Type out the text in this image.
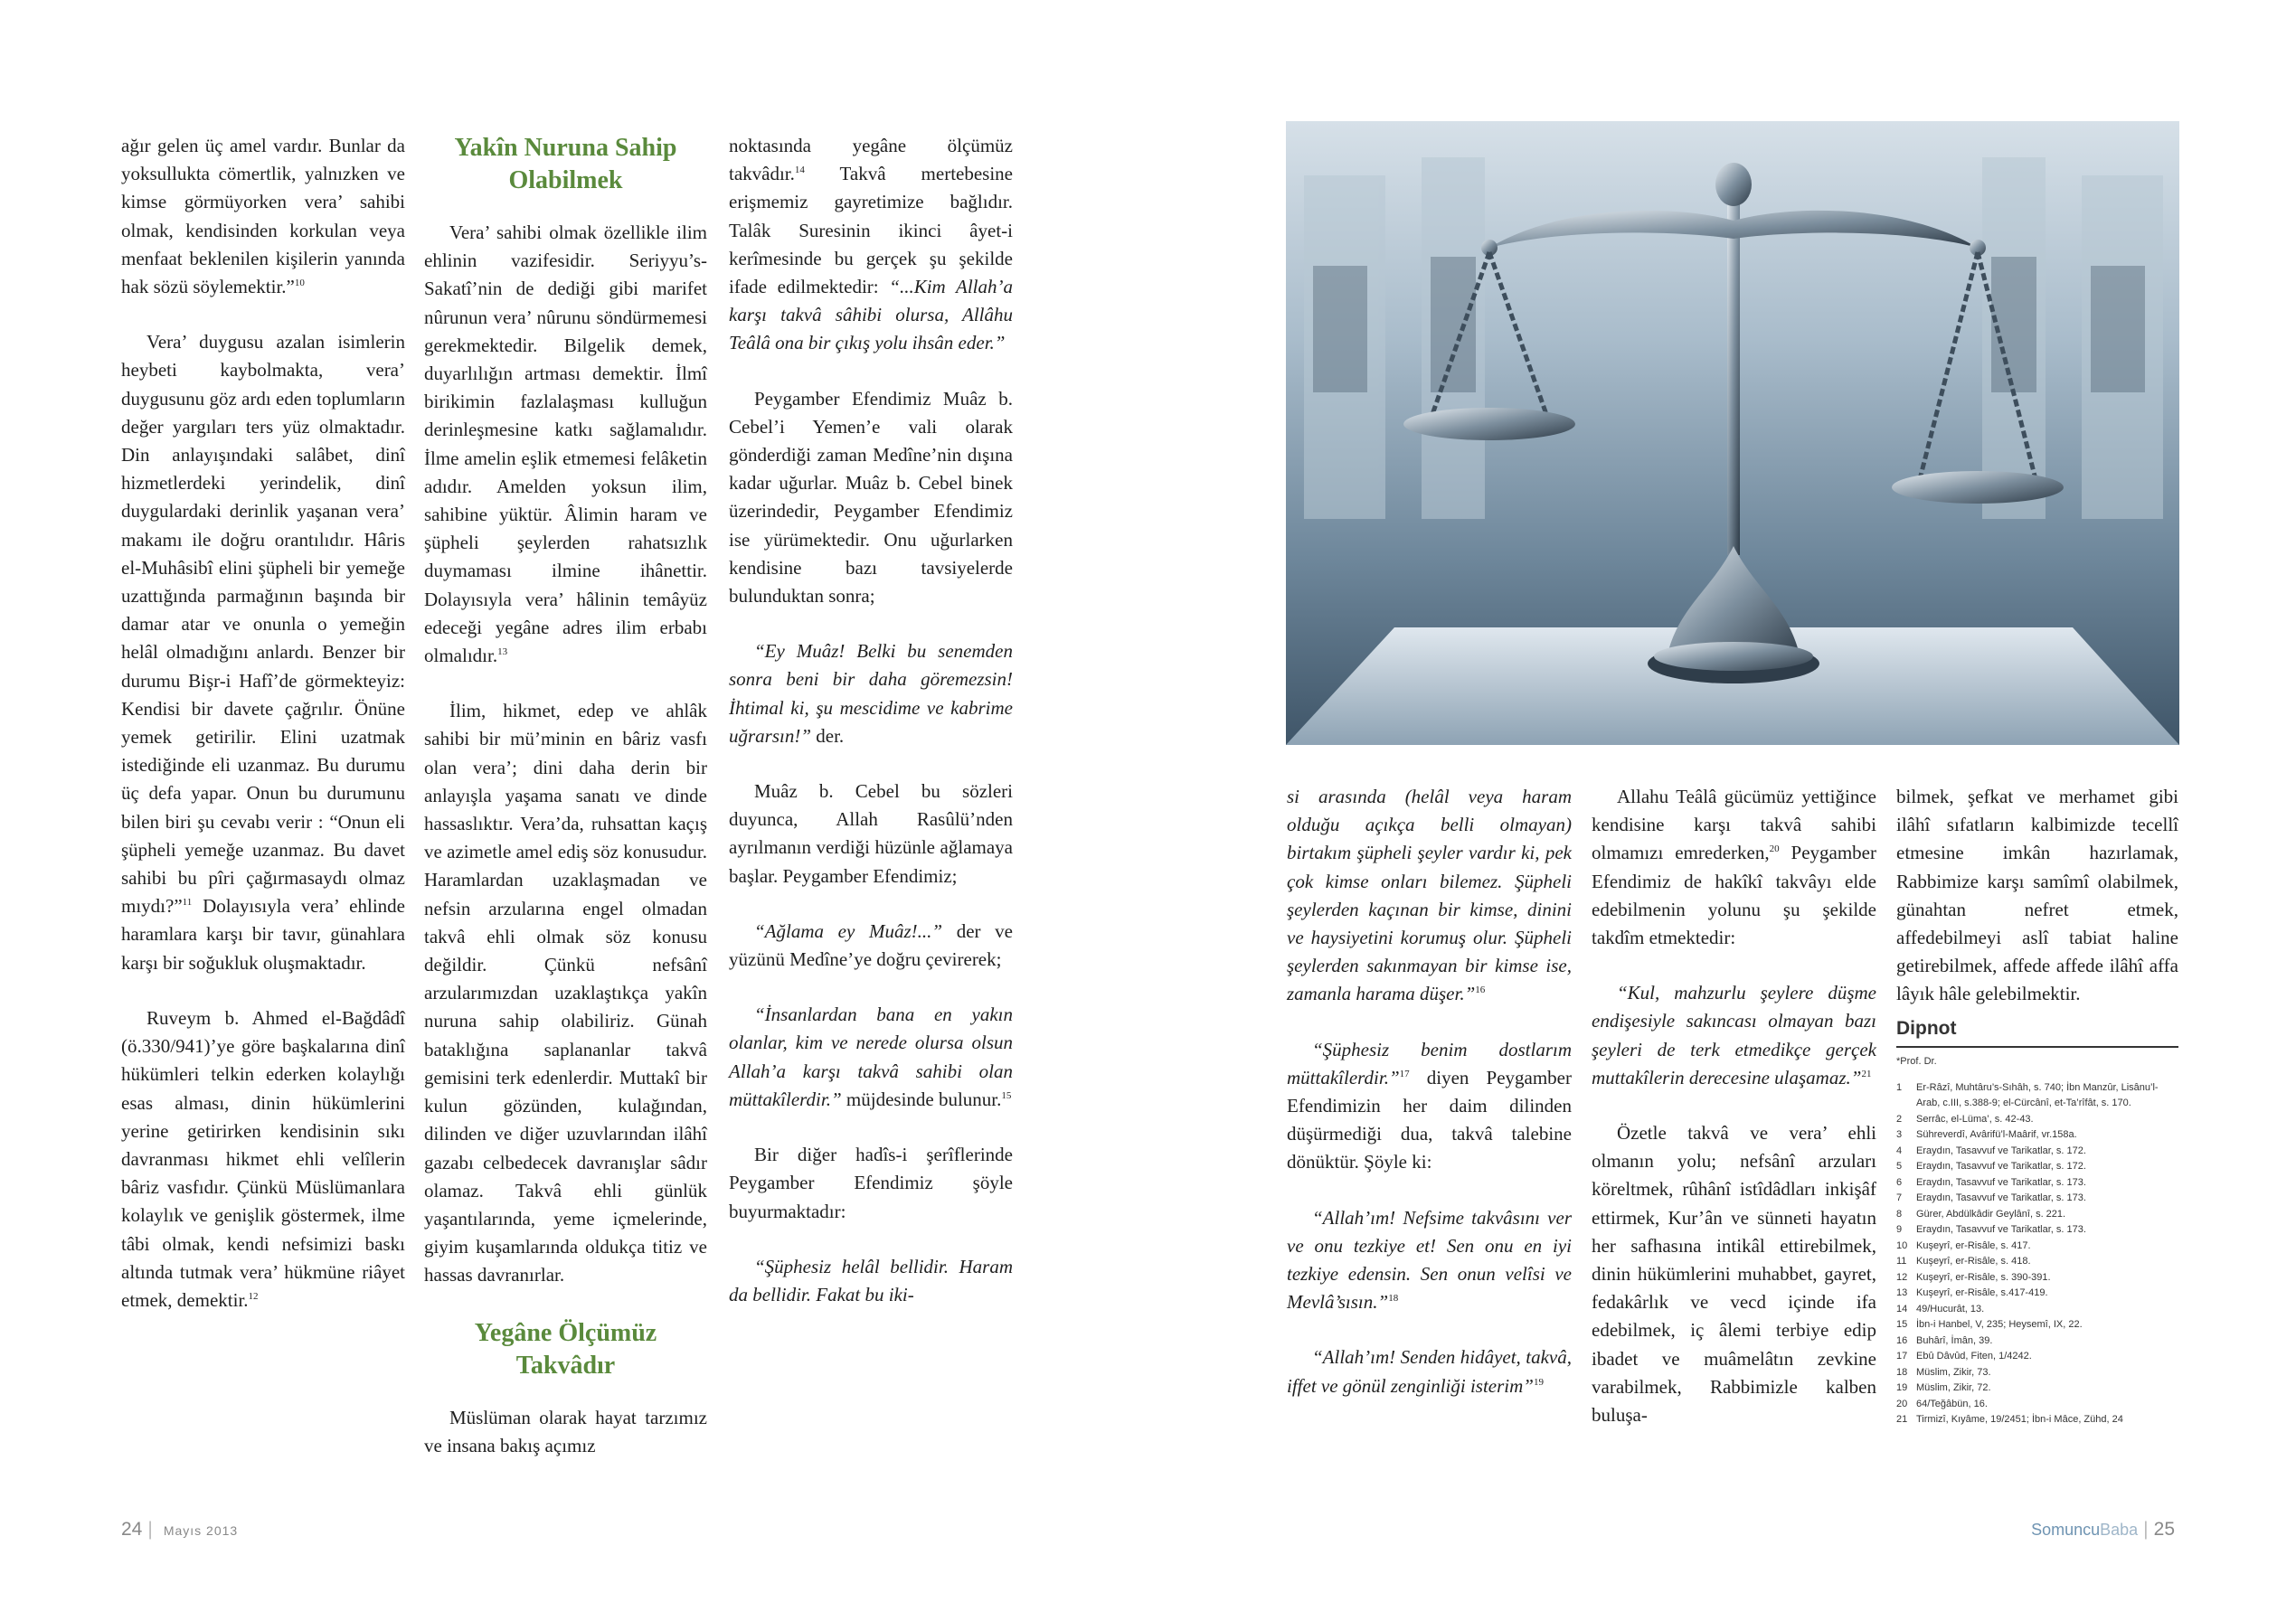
ağır gelen üç amel vardır. Bunlar da yoksullukta cömertlik, yalnızken ve kimse görmüyorken vera’ sahibi olmak, kendisinden korkulan veya menfaat beklenilen kişilerin yanında hak sözü söylemektir.”$^{10}$

Vera’ duygusu azalan isimlerin heybeti kaybolmakta, vera’ duygusunu göz ardı eden toplumların değer yargıları ters yüz olmaktadır. Din anlayışındaki salâbet, dinî hizmetlerdeki yerindelik, dinî duygulardaki derinlik yaşanan vera’ makamı ile doğru orantılıdır. Hâris el-Muhâsibî elini şüpheli bir yemeğe uzattığında parmağının başında bir damar atar ve onunla o yemeğin helâl olmadığını anlardı. Benzer bir durumu Bişr-i Hafî’de görmekteyiz: Kendisi bir davete çağrılır. Önüne yemek getirilir. Elini uzatmak istediğinde eli uzanmaz. Bu durumu üç defa yapar. Onun bu durumunu bilen biri şu cevabı verir : “Onun eli şüpheli yemeğe uzanmaz. Bu davet sahibi bu pîri çağırmasaydı olmaz mıydı?”$^{11}$ Dolayısıyla vera’ ehlinde haramlara karşı bir tavır, günahlara karşı bir soğukluk oluşmaktadır.

Ruveym b. Ahmed el-Bağdâdî (ö.330/941)’ye göre başkalarına dinî hükümleri telkin ederken kolaylığı esas alması, dinin hükümlerini yerine getirirken kendisinin sıkı davranması hikmet ehli velîlerin bâriz vasfıdır. Çünkü Müslümanlara kolaylık ve genişlik göstermek, ilme tâbi olmak, kendi nefsimizi baskı altında tutmak vera’ hükmüne riâyet etmek, demektir.$^{12}$

Yakîn Nuruna Sahip Olabilmek

Vera’ sahibi olmak özellikle ilim ehlinin vazifesidir. Seriyyu’s-Sakatî’nin de dediği gibi marifet nûrunun vera’ nûrunu söndürmemesi gerekmektedir. Bilgelik demek, duyarlılığın artması demektir. İlmî birikimin fazlalaşması kulluğun derinleşmesine katkı sağlamalıdır. İlme amelin eşlik etmemesi felâketin adıdır. Amelden yoksun ilim, sahibine yüktür. Âlimin haram ve şüpheli şeylerden rahatsızlık duymaması ilmine ihânettir. Dolayısıyla vera’ hâlinin temâyüz edeceği yegâne adres ilim erbabı olmalıdır.$^{13}$

İlim, hikmet, edep ve ahlâk sahibi bir mü’minin en bâriz vasfı olan vera’; dini daha derin bir anlayışla yaşama sanatı ve dinde hassaslıktır. Vera’da, ruhsattan kaçış ve azimetle amel ediş söz konusudur. Haramlardan uzaklaşmadan ve nefsin arzularına engel olmadan takvâ ehli olmak söz konusu değildir. Çünkü nefsânî arzularımızdan uzaklaştıkça yakîn nuruna sahip olabiliriz. Günah bataklığına saplananlar takvâ gemisini terk edenlerdir. Muttakî bir kulun gözünden, kulağından, dilinden ve diğer uzuvlarından ilâhî gazabı celbedecek davranışlar sâdır olamaz. Takvâ ehli günlük yaşantılarında, yeme içmelerinde, giyim kuşamlarında oldukça titiz ve hassas davranırlar.

Yegâne Ölçümüz Takvâdır

Müslüman olarak hayat tarzımız ve insana bakış açımız

noktasında yegâne ölçümüz takvâdır.$^{14}$ Takvâ mertebesine erişmemiz gayretimize bağlıdır. Talâk Suresinin ikinci âyet-i kerîmesinde bu gerçek şu şekilde ifade edilmektedir: “...Kim Allah’a karşı takvâ sâhibi olursa, Allâhu Teâlâ ona bir çıkış yolu ihsân eder.”

Peygamber Efendimiz Muâz b. Cebel’i Yemen’e vali olarak gönderdiği zaman Medîne’nin dışına kadar uğurlar. Muâz b. Cebel binek üzerindedir, Peygamber Efendimiz ise yürümektedir. Onu uğurlarken kendisine bazı tavsiyelerde bulunduktan sonra;

“Ey Muâz! Belki bu senemden sonra beni bir daha göremezsin! İhtimal ki, şu mescidime ve kabrime uğrarsın!” der.

Muâz b. Cebel bu sözleri duyunca, Allah Rasûlü’nden ayrılmanın verdiği hüzünle ağlamaya başlar. Peygamber Efendimiz;

“Ağlama ey Muâz!...” der ve yüzünü Medîne’ye doğru çevirerek;

“İnsanlardan bana en yakın olanlar, kim ve nerede olursa olsun Allah’a karşı takvâ sahibi olan müttakîlerdir.” müjdesinde bulunur.$^{15}$

Bir diğer hadîs-i şerîflerinde Peygamber Efendimiz şöyle buyurmaktadır:

“Şüphesiz helâl bellidir. Haram da bellidir. Fakat bu iki-

si arasında (helâl veya haram olduğu açıkça belli olmayan) birtakım şüpheli şeyler vardır ki, pek çok kimse onları bilemez. Şüpheli şeylerden kaçınan bir kimse, dinini ve haysiyetini korumuş olur. Şüpheli şeylerden sakınmayan bir kimse ise, zamanla harama düşer.”$^{16}$

“Şüphesiz benim dostlarım müttakîlerdir.”$^{17}$ diyen Peygamber Efendimizin her daim dilinden düşürmediği dua, takvâ talebine dönüktür. Şöyle ki:

“Allah’ım! Nefsime takvâsını ver ve onu tezkiye et! Sen onu en iyi tezkiye edensin. Sen onun velîsi ve Mevlâ’sısın.”$^{18}$

“Allah’ım! Senden hidâyet, takvâ, iffet ve gönül zenginliği isterim”$^{19}$

Allahu Teâlâ gücümüz yettiğince kendisine karşı takvâ sahibi olmamızı emrederken,$^{20}$ Peygamber Efendimiz de hakîkî takvâyı elde edebilmenin yolunu şu şekilde takdîm etmektedir:

“Kul, mahzurlu şeylere düşme endişesiyle sakıncası olmayan bazı şeyleri de terk etmedikçe gerçek muttakîlerin derecesine ulaşamaz.”$^{21}$

Özetle takvâ ve vera’ ehli olmanın yolu; nefsânî arzuları köreltmek, rûhânî istîdâdları inkişâf ettirmek, Kur’ân ve sünneti hayatın her safhasına intikâl ettirebilmek, dinin hükümlerini muhabbet, gayret, fedakârlık ve vecd içinde ifa edebilmek, iç âlemi terbiye edip ibadet ve muâmelâtın zevkine varabilmek, Rabbimizle kalben buluşa-

bilmek, şefkat ve merhamet gibi ilâhî sıfatların kalbimizde tecellî etmesine imkân hazırlamak, Rabbimize karşı samîmî olabilmek, günahtan nefret etmek, affedebilmeyi aslî tabiat haline getirebilmek, affede affede ilâhî affa lâyık hâle gelebilmektir.

Dipnot
*Prof. Dr.
1	Er-Râzî, Muhtâru’s-Sıhâh, s. 740; İbn Manzûr, Lisânu’l-Arab, c.III, s.388-9; el-Cürcânî, et-Ta’rîfât, s. 170.
2	Serrâc, el-Lüma’, s. 42-43.
3	Sühreverdî, Avârifü’l-Maârif, vr.158a.
4	Eraydın, Tasavvuf ve Tarikatlar, s. 172.
5	Eraydın, Tasavvuf ve Tarikatlar, s. 172.
6	Eraydın, Tasavvuf ve Tarikatlar, s. 173.
7	Eraydın, Tasavvuf ve Tarikatlar, s. 173.
8	Gürer, Abdülkâdir Geylânî, s. 221.
9	Eraydın, Tasavvuf ve Tarikatlar, s. 173.
10 Kuşeyrî, er-Risâle, s. 417.
11 Kuşeyrî, er-Risâle, s. 418.
12 Kuşeyrî, er-Risâle, s. 390-391.
13 Kuşeyrî, er-Risâle, s.417-419.
14 49/Hucurât, 13.
15 İbn-i Hanbel, V, 235; Heysemî, IX, 22.
16 Buhârî, İmân, 39.
17 Ebû Dâvûd, Fiten, 1/4242.
18 Müslim, Zikir, 73.
19 Müslim, Zikir, 72.
20 64/Teğâbün, 16.
21 Tirmizî, Kıyâme, 19/2451; İbn-i Mâce, Zühd, 24
24 | Mayıs 2013	SomuncuBaba | 25
